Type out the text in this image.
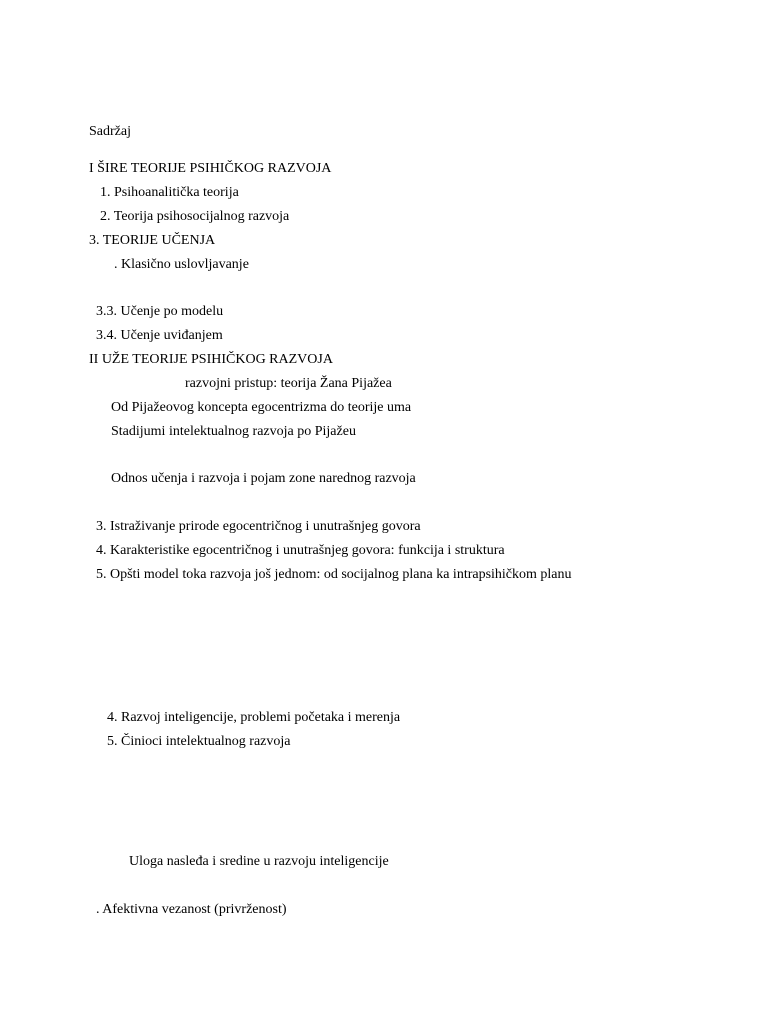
Sadržaj
I ŠIRE TEORIJE PSIHIČKOG RAZVOJA
1. Psihoanalitička teorija
2. Teorija psihosocijalnog razvoja
3. TEORIJE UČENJA
. Klasično uslovljavanje
3.3. Učenje po modelu
3.4. Učenje uviđanjem
II UŽE TEORIJE PSIHIČKOG RAZVOJA
razvojni pristup: teorija Žana Pijažea
Od Pijažeovog koncepta egocentrizma do teorije uma
Stadijumi intelektualnog razvoja po Pijažeu
Odnos učenja i razvoja i pojam zone narednog razvoja
3. Istraživanje prirode egocentričnog i unutrašnjeg govora
4. Karakteristike egocentričnog i unutrašnjeg govora: funkcija i struktura
5. Opšti model toka razvoja još jednom: od socijalnog plana ka intrapsihičkom planu
4. Razvoj inteligencije, problemi početaka i merenja
5. Činioci intelektualnog razvoja
Uloga nasleđa i sredine u razvoju inteligencije
. Afektivna vezanost (privrženost)
